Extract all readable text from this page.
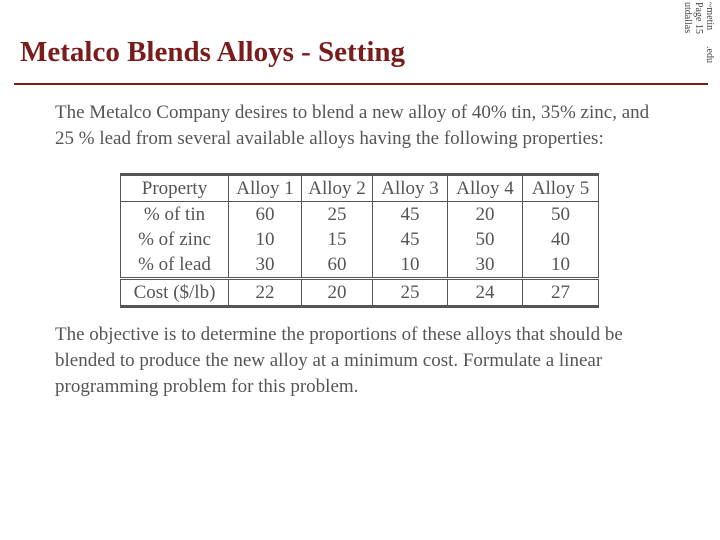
Metalco Blends Alloys - Setting
~metin
.edu
Page 15
utdallas

The Metalco Company desires to blend a new alloy of 40% tin, 35% zinc, and 25 % lead from several available alloys having the following properties:

Property	Alloy 1	Alloy 2	Alloy 3	Alloy 4	Alloy 5
% of tin	60	25	45	20	50
% of zinc	10	15	45	50	40
% of lead	30	60	10	30	10
Cost ($/lb)	22	20	25	24	27

The objective is to determine the proportions of these alloys that should be blended to produce the new alloy at a minimum cost. Formulate a linear programming problem for this problem.
